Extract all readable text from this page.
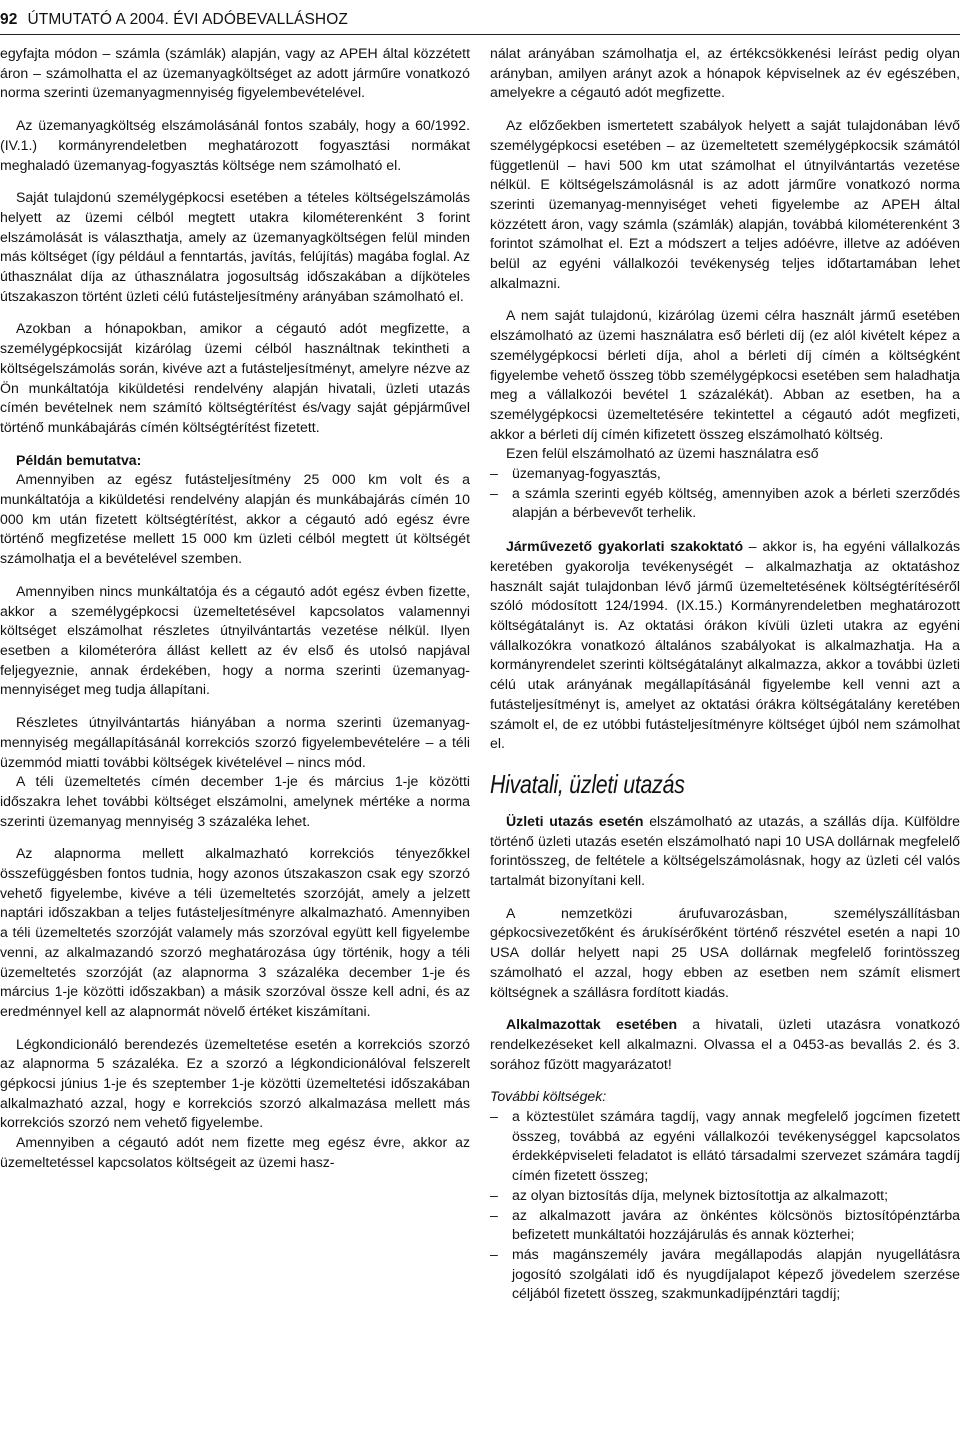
92 ÚTMUTATÓ A 2004. ÉVI ADÓBEVALLÁSHOZ

egyfajta módon – számla (számlák) alapján, vagy az APEH által közzétett áron – számolhatta el az üzemanyagköltséget az adott járműre vonatkozó norma szerinti üzemanyagmennyiség figyelembevételével.

Az üzemanyagköltség elszámolásánál fontos szabály, hogy a 60/1992. (IV.1.) kormányrendeletben meghatározott fogyasztási normákat meghaladó üzemanyag-fogyasztás költsége nem számolható el.

Saját tulajdonú személygépkocsi esetében a tételes költségelszámolás helyett az üzemi célból megtett utakra kilométerenként 3 forint elszámolását is választhatja, amely az üzemanyagköltségen felül minden más költséget (így például a fenntartás, javítás, felújítás) magába foglal. Az úthasználat díja az úthasználatra jogosultság időszakában a díjköteles útszakaszon történt üzleti célú futásteljesítmény arányában számolható el.

Azokban a hónapokban, amikor a cégautó adót megfizette, a személygépkocsiját kizárólag üzemi célból használtnak tekintheti a költségelszámolás során, kivéve azt a futásteljesítményt, amelyre nézve az Ön munkáltatója kiküldetési rendelvény alapján hivatali, üzleti utazás címén bevételnek nem számító költségtérítést és/vagy saját gépjárművel történő munkábajárás címén költségtérítést fizetett.

Példán bemutatva:

Amennyiben az egész futásteljesítmény 25 000 km volt és a munkáltatója a kiküldetési rendelvény alapján és munkábajárás címén 10 000 km után fizetett költségtérítést, akkor a cégautó adó egész évre történő megfizetése mellett 15 000 km üzleti célból megtett út költségét számolhatja el a bevételével szemben.

Amennyiben nincs munkáltatója és a cégautó adót egész évben fizette, akkor a személygépkocsi üzemeltetésével kapcsolatos valamennyi költséget elszámolhat részletes útnyilvántartás vezetése nélkül. Ilyen esetben a kilométeróra állást kellett az év első és utolsó napjával feljegyeznie, annak érdekében, hogy a norma szerinti üzemanyag-mennyiséget meg tudja állapítani.

Részletes útnyilvántartás hiányában a norma szerinti üzemanyag-mennyiség megállapításánál korrekciós szorzó figyelembevételére – a téli üzemmód miatti további költségek kivételével – nincs mód.

A téli üzemeltetés címén december 1-je és március 1-je közötti időszakra lehet további költséget elszámolni, amelynek mértéke a norma szerinti üzemanyag mennyiség 3 százaléka lehet.

Az alapnorma mellett alkalmazható korrekciós tényezőkkel összefüggésben fontos tudnia, hogy azonos útszakaszon csak egy szorzó vehető figyelembe, kivéve a téli üzemeltetés szorzóját, amely a jelzett naptári időszakban a teljes futásteljesítményre alkalmazható. Amennyiben a téli üzemeltetés szorzóját valamely más szorzóval együtt kell figyelembe venni, az alkalmazandó szorzó meghatározása úgy történik, hogy a téli üzemeltetés szorzóját (az alapnorma 3 százaléka december 1-je és március 1-je közötti időszakban) a másik szorzóval össze kell adni, és az eredménnyel kell az alapnormát növelő értéket kiszámítani.

Légkondicionáló berendezés üzemeltetése esetén a korrekciós szorzó az alapnorma 5 százaléka. Ez a szorzó a légkondicionálóval felszerelt gépkocsi június 1-je és szeptember 1-je közötti üzemeltetési időszakában alkalmazható azzal, hogy e korrekciós szorzó alkalmazása mellett más korrekciós szorzó nem vehető figyelembe.

Amennyiben a cégautó adót nem fizette meg egész évre, akkor az üzemeltetéssel kapcsolatos költségeit az üzemi hasz-

nálat arányában számolhatja el, az értékcsökkenési leírást pedig olyan arányban, amilyen arányt azok a hónapok képviselnek az év egészében, amelyekre a cégautó adót megfizette.

Az előzőekben ismertetett szabályok helyett a saját tulajdonában lévő személygépkocsi esetében – az üzemeltetett személygépkocsik számától függetlenül – havi 500 km utat számolhat el útnyilvántartás vezetése nélkül. E költségelszámolásnál is az adott járműre vonatkozó norma szerinti üzemanyag-mennyiséget veheti figyelembe az APEH által közzétett áron, vagy számla (számlák) alapján, továbbá kilométerenként 3 forintot számolhat el. Ezt a módszert a teljes adóévre, illetve az adóéven belül az egyéni vállalkozói tevékenység teljes időtartamában lehet alkalmazni.

A nem saját tulajdonú, kizárólag üzemi célra használt jármű esetében elszámolható az üzemi használatra eső bérleti díj (ez alól kivételt képez a személygépkocsi bérleti díja, ahol a bérleti díj címén a költségként figyelembe vehető összeg több személygépkocsi esetében sem haladhatja meg a vállalkozói bevétel 1 százalékát). Abban az esetben, ha a személygépkocsi üzemeltetésére tekintettel a cégautó adót megfizeti, akkor a bérleti díj címén kifizetett összeg elszámolható költség.

Ezen felül elszámolható az üzemi használatra eső

– üzemanyag-fogyasztás,
– a számla szerinti egyéb költség, amennyiben azok a bérleti szerződés alapján a bérbevevőt terhelik.

Járművezető gyakorlati szakoktató – akkor is, ha egyéni vállalkozás keretében gyakorolja tevékenységét – alkalmazhatja az oktatáshoz használt saját tulajdonban lévő jármű üzemeltetésének költségtérítéséről szóló módosított 124/1994. (IX.15.) Kormányrendeletben meghatározott költségátalányt is. Az oktatási órákon kívüli üzleti utakra az egyéni vállalkozókra vonatkozó általános szabályokat is alkalmazhatja. Ha a kormányrendelet szerinti költségátalányt alkalmazza, akkor a további üzleti célú utak arányának megállapításánál figyelembe kell venni azt a futásteljesítményt is, amelyet az oktatási órákra költségátalány keretében számolt el, de ez utóbbi futásteljesítményre költséget újból nem számolhat el.

Hivatali, üzleti utazás

Üzleti utazás esetén elszámolható az utazás, a szállás díja. Külföldre történő üzleti utazás esetén elszámolható napi 10 USA dollárnak megfelelő forintösszeg, de feltétele a költségelszámolásnak, hogy az üzleti cél valós tartalmát bizonyítani kell.

A nemzetközi árufuvarozásban, személyszállításban gépkocsivezetőként és árukísérőként történő részvétel esetén a napi 10 USA dollár helyett napi 25 USA dollárnak megfelelő forintösszeg számolható el azzal, hogy ebben az esetben nem számít elismert költségnek a szállásra fordított kiadás.

Alkalmazottak esetében a hivatali, üzleti utazásra vonatkozó rendelkezéseket kell alkalmazni. Olvassa el a 0453-as bevallás 2. és 3. sorához fűzött magyarázatot!

További költségek:

– a köztestület számára tagdíj, vagy annak megfelelő jogcímen fizetett összeg, továbbá az egyéni vállalkozói tevékenységgel kapcsolatos érdekképviseleti feladatot is ellátó társadalmi szervezet számára tagdíj címén fizetett összeg;
– az olyan biztosítás díja, melynek biztosítottja az alkalmazott;
– az alkalmazott javára az önkéntes kölcsönös biztosítópénztárba befizetett munkáltatói hozzájárulás és annak közterhei;
– más magánszemély javára megállapodás alapján nyugellátásra jogosító szolgálati idő és nyugdíjalapot képező jövedelem szerzése céljából fizetett összeg, szakmunkadíjpénztári tagdíj;
